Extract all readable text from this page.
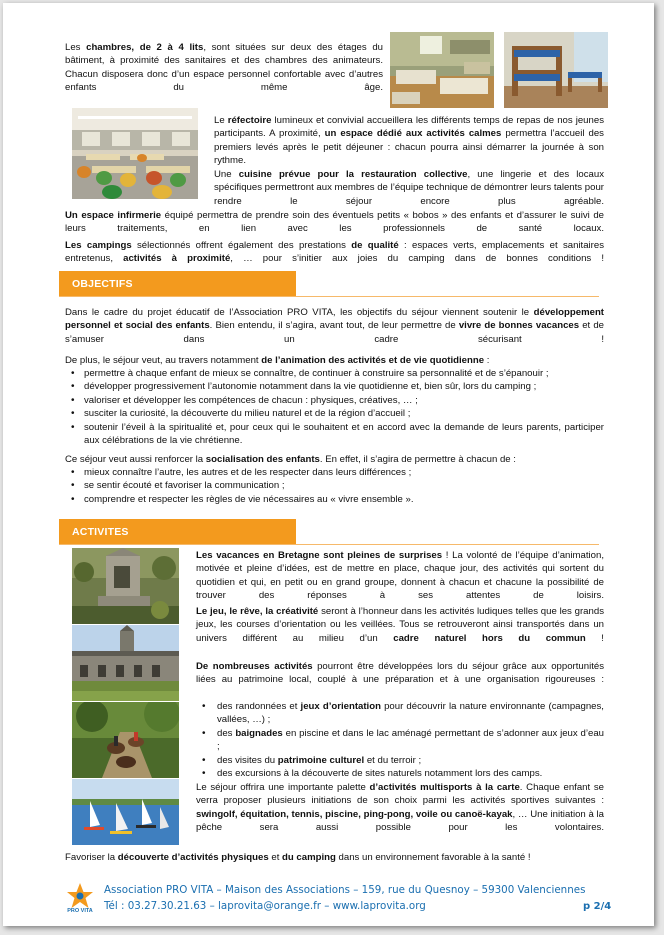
Les chambres, de 2 à 4 lits, sont situées sur deux des étages du bâtiment, à proximité des sanitaires et des chambres des animateurs. Chacun disposera donc d’un espace personnel confortable avec d’autres enfants du même âge.

Le réfectoire lumineux et convivial accueillera les différents temps de repas de nos jeunes participants. A proximité, un espace dédié aux activités calmes permettra l’accueil des premiers levés après le petit déjeuner : chacun pourra ainsi démarrer la journée à son rythme.

Une cuisine prévue pour la restauration collective, une lingerie et des locaux spécifiques permettront aux membres de l’équipe technique de démontrer leurs talents pour rendre le séjour encore plus agréable.

Un espace infirmerie équipé permettra de prendre soin des éventuels petits « bobos » des enfants et d’assurer le suivi de leurs traitements, en lien avec les professionnels de santé locaux.

Les campings sélectionnés offrent également des prestations de qualité : espaces verts, emplacements et sanitaires entretenus, activités à proximité, … pour s’initier aux joies du camping dans de bonnes conditions !

OBJECTIFS

Dans le cadre du projet éducatif de l’Association PRO VITA, les objectifs du séjour viennent soutenir le développement personnel et social des enfants. Bien entendu, il s’agira, avant tout, de leur permettre de vivre de bonnes vacances et de s’amuser dans un cadre sécurisant !

De plus, le séjour veut, au travers notamment de l’animation des activités et de vie quotidienne :

• permettre à chaque enfant de mieux se connaître, de continuer à construire sa personnalité et de s’épanouir ;
• développer progressivement l’autonomie notamment dans la vie quotidienne et, bien sûr, lors du camping ;
• valoriser et développer les compétences de chacun : physiques, créatives, … ;
• susciter la curiosité, la découverte du milieu naturel et de la région d’accueil ;
• soutenir l’éveil à la spiritualité et, pour ceux qui le souhaitent et en accord avec la demande de leurs parents, participer aux célébrations de la vie chrétienne.

Ce séjour veut aussi renforcer la socialisation des enfants. En effet, il s’agira de permettre à chacun de :

• mieux connaître l’autre, les autres et de les respecter dans leurs différences ;
• se sentir écouté et favoriser la communication ;
• comprendre et respecter les règles de vie nécessaires au « vivre ensemble ».
ACTIVITES

Les vacances en Bretagne sont pleines de surprises ! La volonté de l’équipe d’animation, motivée et pleine d’idées, est de mettre en place, chaque jour, des activités qui sortent du quotidien et qui, en petit ou en grand groupe, donnent à chacun et chacune la possibilité de trouver des réponses à ses attentes de loisirs.

Le jeu, le rêve, la créativité seront à l’honneur dans les activités ludiques telles que les grands jeux, les courses d’orientation ou les veillées. Tous se retrouveront ainsi transportés dans un univers différent au milieu d’un cadre naturel hors du commun !

De nombreuses activités pourront être développées lors du séjour grâce aux opportunités liées au patrimoine local, couplé à une préparation et à une organisation rigoureuses :

• des randonnées et jeux d’orientation pour découvrir la nature environnante (campagnes, vallées, …) ;
• des baignades en piscine et dans le lac aménagé permettant de s’adonner aux jeux d’eau ;
• des visites du patrimoine culturel et du terroir ;
• des excursions à la découverte de sites naturels notamment lors des camps.

Le séjour offrira une importante palette d’activités multisports à la carte. Chaque enfant se verra proposer plusieurs initiations de son choix parmi les activités sportives suivantes : swingolf, équitation, tennis, piscine, ping-pong, voile ou canoë-kayak, … Une initiation à la pêche sera aussi possible pour les volontaires.

Favoriser la découverte d’activités physiques et du camping dans un environnement favorable à la santé !

PRO VITA
Association PRO VITA – Maison des Associations – 159, rue du Quesnoy – 59300 Valenciennes
Tél : 03.27.30.21.63 – laprovita@orange.fr – www.laprovita.org	p 2/4
